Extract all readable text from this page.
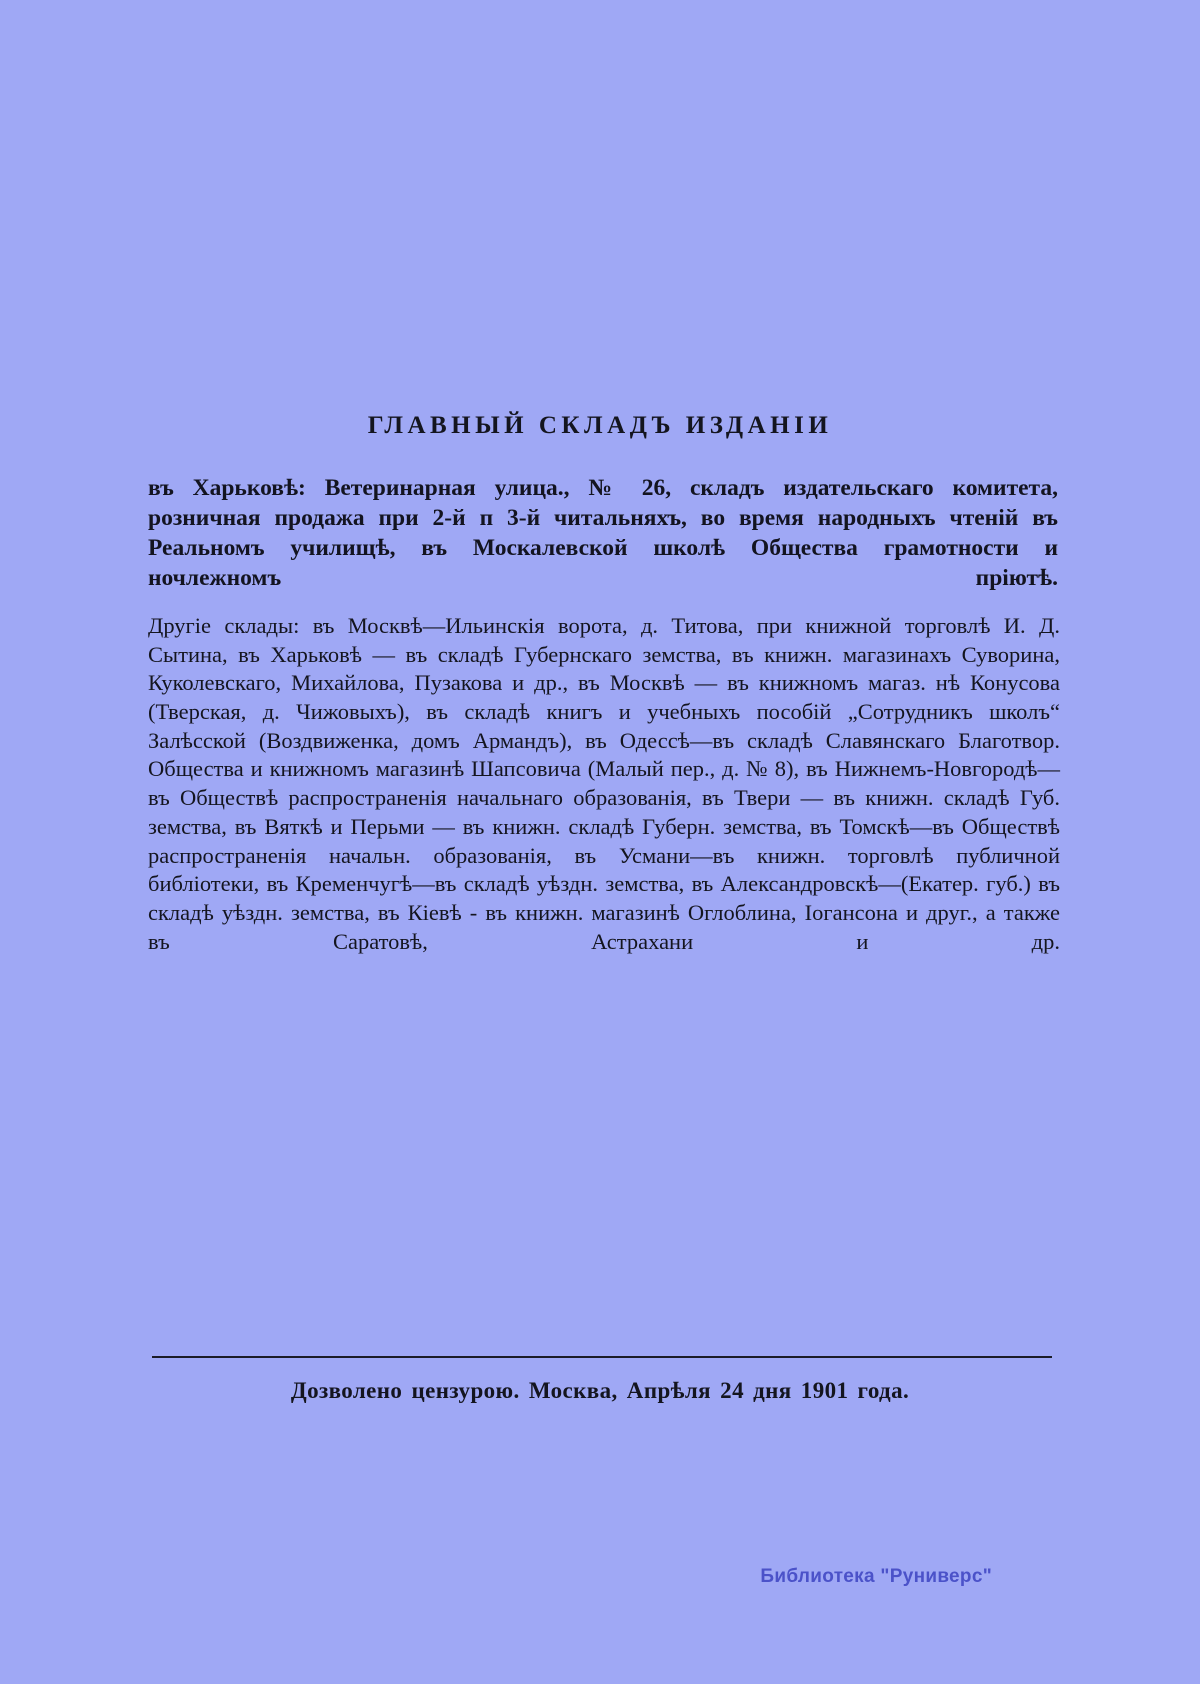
ГЛАВНЫЙ СКЛАДЪ ИЗДАНІИ
въ Харьковѣ: Ветеринарная улица., № 26, складъ издательскаго комитета, розничная продажа при 2-й п 3-й читальняхъ, во время народныхъ чтеній въ Реальномъ училищѣ, въ Москалевской школѣ Общества грамотности и ночлежномъ пріютѣ.
Другіе склады: въ Москвѣ—Ильинскія ворота, д. Титова, при книжной торговлѣ И. Д. Сытина, въ Харьковѣ — въ складѣ Губернскаго земства, въ книжн. магазинахъ Суворина, Куколевскаго, Михайлова, Пузакова и др., въ Москвѣ — въ книжномъ магаз. нѣ Конусова (Тверская, д. Чижовыхъ), въ складѣ книгъ и учебныхъ пособій „Сотрудникъ школъ“ Залѣсской (Воздвиженка, домъ Армандъ), въ Одессѣ—въ складѣ Славянскаго Благотвор. Общества и книжномъ магазинѣ Шапсовича (Малый пер., д. № 8), въ Нижнемъ-Новгородѣ— въ Обществѣ распространенія начальнаго образованія, въ Твери — въ книжн. складѣ Губ. земства, въ Вяткѣ и Перьми — въ книжн. складѣ Губерн. земства, въ Томскѣ—въ Обществѣ распространенія начальн. образованія, въ Усмани—въ книжн. торговлѣ публичной библіотеки, въ Кременчугѣ—въ складѣ уѣздн. земства, въ Александровскѣ—(Екатер. губ.) въ складѣ уѣздн. земства, въ Кіевѣ - въ книжн. магазинѣ Оглоблина, Іогансона и друг., а также въ Саратовѣ, Астрахани и др.
Дозволено цензурою. Москва, Апрѣля 24 дня 1901 года.
Библиотека "Руниверс"
